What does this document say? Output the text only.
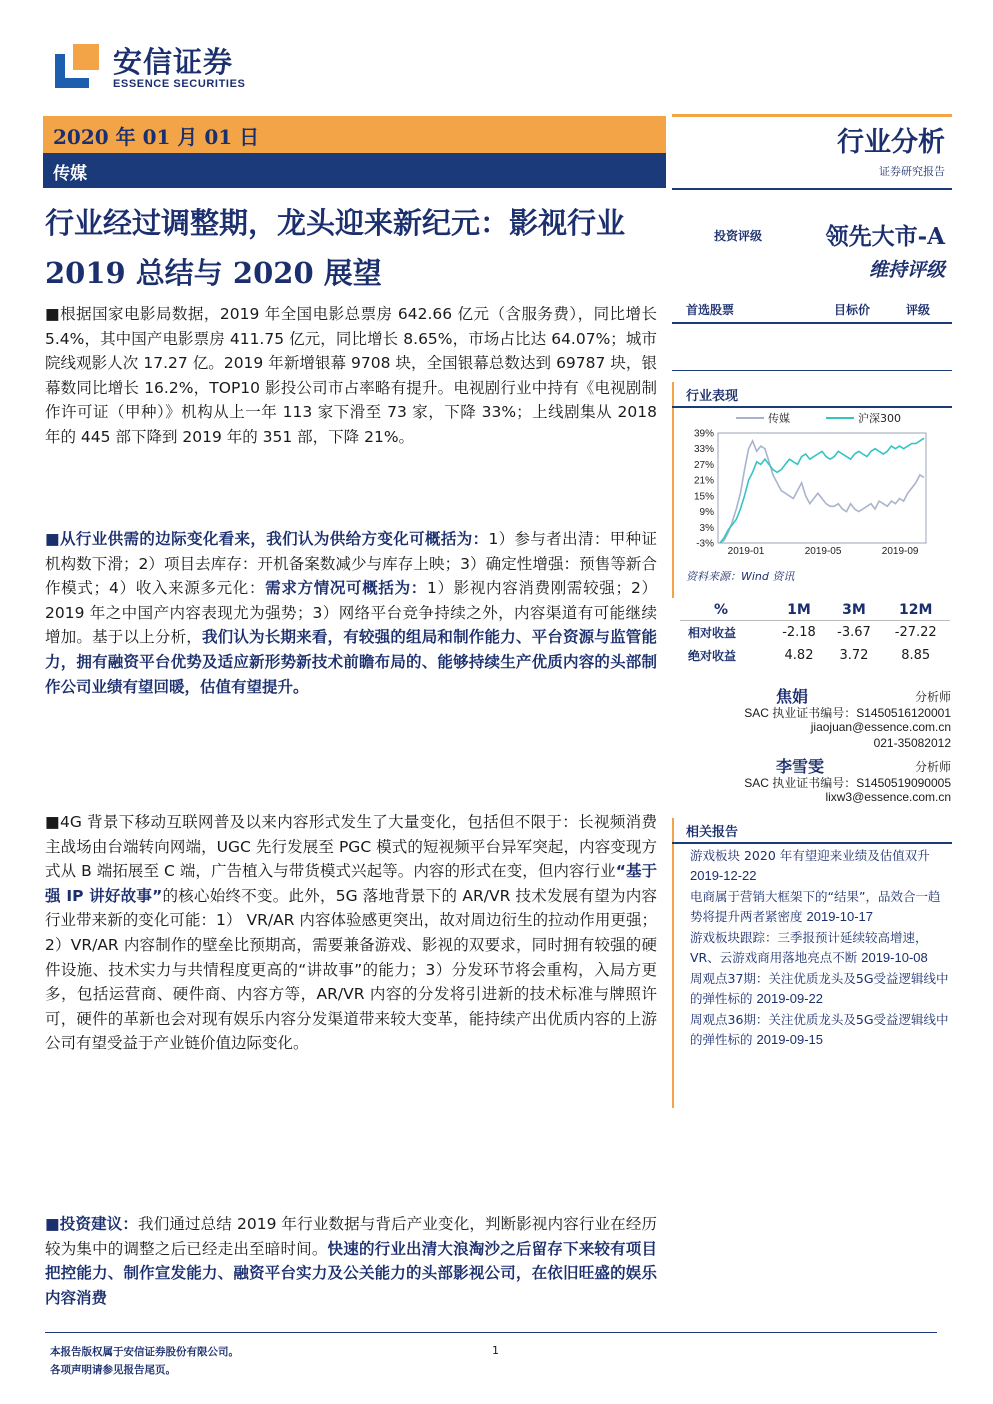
安信证券
ESSENCE SECURITIES
2020 年 01 月 01 日
传媒
行业分析
证券研究报告
行业经过调整期，龙头迎来新纪元：影视行业 2019 总结与 2020 展望
投资评级	领先大市-A
维持评级
首选股票	目标价	评级
行业表现
39%
33%
27%
21%
15%
9%
3%
-3%
2019-01	2019-05	2019-09
传媒	沪深300
资料来源：Wind 资讯
%	1M	3M	12M
相对收益	-2.18	-3.67	-27.22
绝对收益	4.82	3.72	8.85
焦娟	分析师
SAC 执业证书编号：S1450516120001
jiaojuan@essence.com.cn
021-35082012
李雪雯	分析师
SAC 执业证书编号：S1450519090005
lixw3@essence.com.cn
相关报告
游戏板块 2020 年有望迎来业绩及估值双升 2019-12-22
电商属于营销大框架下的“结果”，品效合一趋势将提升两者紧密度 2019-10-17
游戏板块跟踪：三季报预计延续较高增速，VR、云游戏商用落地亮点不断 2019-10-08
周观点37期：关注优质龙头及5G受益逻辑线中的弹性标的 2019-09-22
周观点36期：关注优质龙头及5G受益逻辑线中的弹性标的 2019-09-15
■根据国家电影局数据，2019 年全国电影总票房 642.66 亿元（含服务费），同比增长 5.4%，其中国产电影票房 411.75 亿元，同比增长 8.65%，市场占比达 64.07%；城市院线观影人次 17.27 亿。2019 年新增银幕 9708 块，全国银幕总数达到 69787 块，银幕数同比增长 16.2%，TOP10 影投公司市占率略有提升。电视剧行业中持有《电视剧制作许可证（甲种）》机构从上一年 113 家下滑至 73 家，下降 33%；上线剧集从 2018 年的 445 部下降到 2019 年的 351 部，下降 21%。
■从行业供需的边际变化看来，我们认为供给方变化可概括为：1）参与者出清：甲种证机构数下滑；2）项目去库存：开机备案数减少与库存上映；3）确定性增强：预售等新合作模式；4）收入来源多元化：需求方情况可概括为：1）影视内容消费刚需较强；2）2019 年之中国产内容表现尤为强势；3）网络平台竞争持续之外，内容渠道有可能继续增加。基于以上分析，我们认为长期来看，有较强的组局和制作能力、平台资源与监管能力，拥有融资平台优势及适应新形势新技术前瞻布局的、能够持续生产优质内容的头部制作公司业绩有望回暖，估值有望提升。
■4G 背景下移动互联网普及以来内容形式发生了大量变化，包括但不限于：长视频消费主战场由台端转向网端，UGC 先行发展至 PGC 模式的短视频平台异军突起，内容变现方式从 B 端拓展至 C 端，广告植入与带货模式兴起等。内容的形式在变，但内容行业“基于强 IP 讲好故事”的核心始终不变。此外，5G 落地背景下的 AR/VR 技术发展有望为内容行业带来新的变化可能：1） VR/AR 内容体验感更突出，故对周边衍生的拉动作用更强；2）VR/AR 内容制作的壁垒比预期高，需要兼备游戏、影视的双要求，同时拥有较强的硬件设施、技术实力与共情程度更高的“讲故事”的能力；3）分发环节将会重构，入局方更多，包括运营商、硬件商、内容方等，AR/VR 内容的分发将引进新的技术标准与牌照许可，硬件的革新也会对现有娱乐内容分发渠道带来较大变革，能持续产出优质内容的上游公司有望受益于产业链价值边际变化。
■投资建议：我们通过总结 2019 年行业数据与背后产业变化，判断影视内容行业在经历较为集中的调整之后已经走出至暗时间。快速的行业出清大浪淘沙之后留存下来较有项目把控能力、制作宣发能力、融资平台实力及公关能力的头部影视公司，在依旧旺盛的娱乐内容消费
本报告版权属于安信证券股份有限公司。
各项声明请参见报告尾页。
1
